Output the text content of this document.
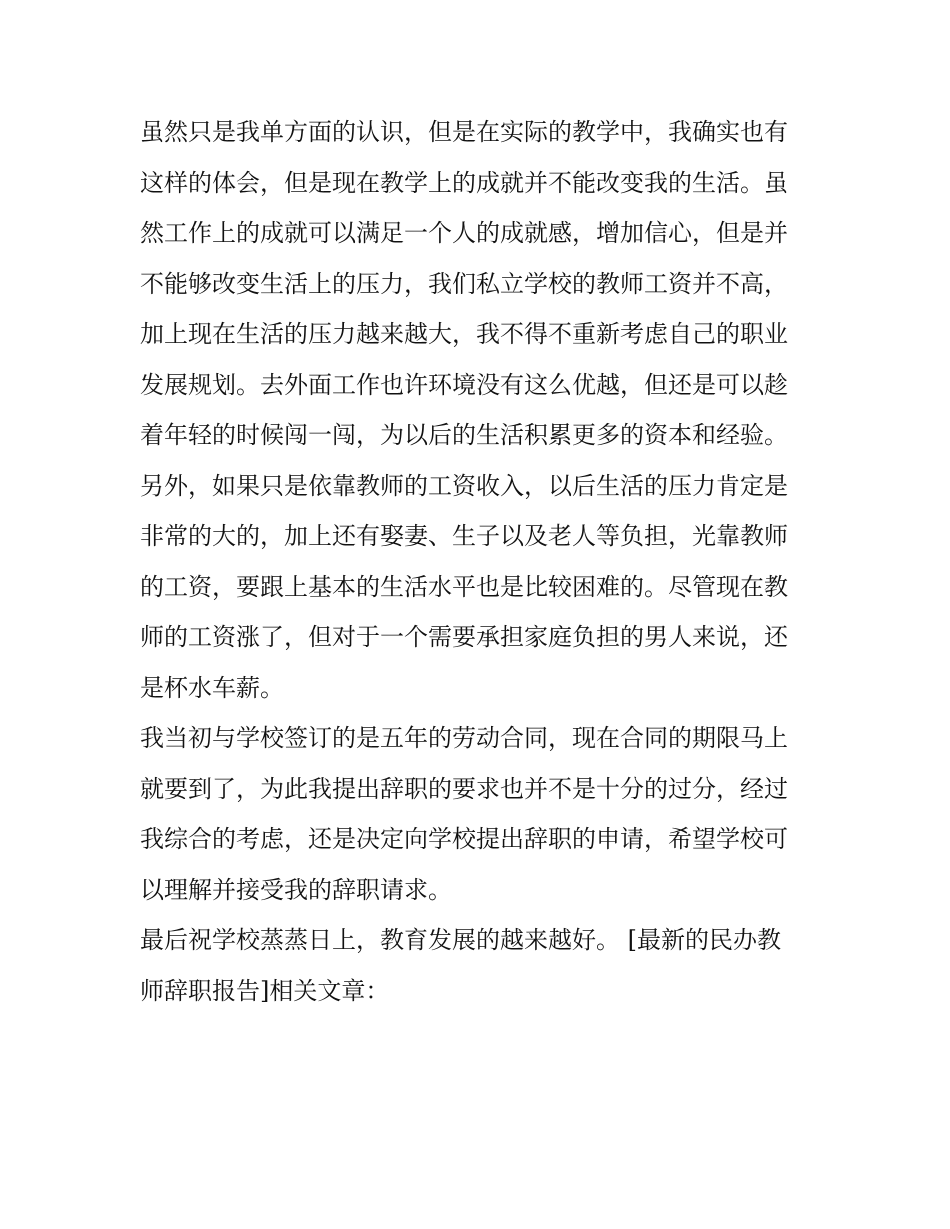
虽然只是我单方面的认识，但是在实际的教学中，我确实也有
这样的体会，但是现在教学上的成就并不能改变我的生活。虽
然工作上的成就可以满足一个人的成就感，增加信心，但是并
不能够改变生活上的压力，我们私立学校的教师工资并不高，
加上现在生活的压力越来越大，我不得不重新考虑自己的职业
发展规划。去外面工作也许环境没有这么优越，但还是可以趁
着年轻的时候闯一闯，为以后的生活积累更多的资本和经验。
另外，如果只是依靠教师的工资收入，以后生活的压力肯定是
非常的大的，加上还有娶妻、生子以及老人等负担，光靠教师
的工资，要跟上基本的生活水平也是比较困难的。尽管现在教
师的工资涨了，但对于一个需要承担家庭负担的男人来说，还
是杯水车薪。
我当初与学校签订的是五年的劳动合同，现在合同的期限马上
就要到了，为此我提出辞职的要求也并不是十分的过分，经过
我综合的考虑，还是决定向学校提出辞职的申请，希望学校可
以理解并接受我的辞职请求。
最后祝学校蒸蒸日上，教育发展的越来越好。 [最新的民办教
师辞职报告]相关文章：
